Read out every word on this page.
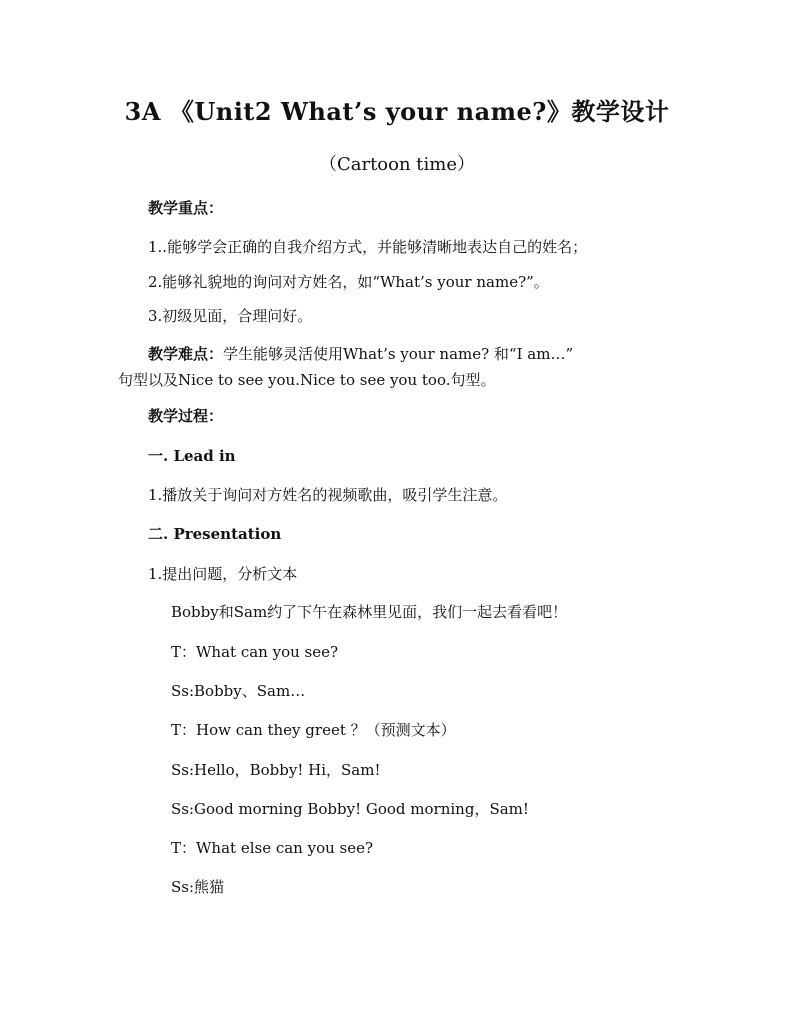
3A 《Unit2 What’s your name?》教学设计
（Cartoon time）
教学重点：
1..能够学会正确的自我介绍方式，并能够清晰地表达自己的姓名；
2.能够礼貌地的询问对方姓名，如“What’s your name?”。
3.初级见面，合理问好。
教学难点：学生能够灵活使用What’s your name? 和“I am…”
句型以及Nice to see you.Nice to see you too.句型。
教学过程：
一. Lead in
1.播放关于询问对方姓名的视频歌曲，吸引学生注意。
二. Presentation
1.提出问题，分析文本
Bobby和Sam约了下午在森林里见面，我们一起去看看吧！
T：What can you see?
Ss:Bobby、Sam…
T：How can they greet ？（预测文本）
Ss:Hello，Bobby! Hi，Sam!
Ss:Good morning Bobby! Good morning，Sam!
T：What else can you see?
Ss:熊猫
